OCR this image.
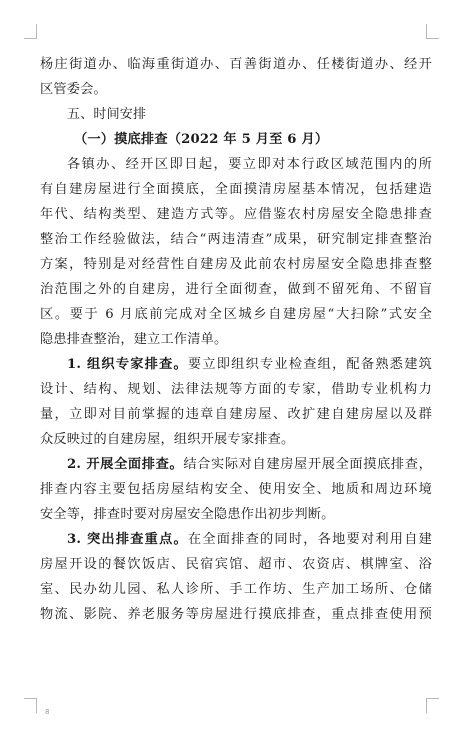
杨庄街道办、临海重街道办、百善街道办、任楼街道办、经开
区管委会。
五、时间安排
（一）摸底排查（2022 年 5 月至 6 月）
各镇办、经开区即日起，要立即对本行政区域范围内的所
有自建房屋进行全面摸底，全面摸清房屋基本情况，包括建造
年代、结构类型、建造方式等。应借鉴农村房屋安全隐患排查
整治工作经验做法，结合“两违清查”成果，研究制定排查整治
方案，特别是对经营性自建房及此前农村房屋安全隐患排查整
治范围之外的自建房，进行全面彻查，做到不留死角、不留盲
区。要于 6 月底前完成对全区城乡自建房屋“大扫除”式安全
隐患排查整治，建立工作清单。
1. 组织专家排查。要立即组织专业检查组，配备熟悉建筑
设计、结构、规划、法律法规等方面的专家，借助专业机构力
量，立即对目前掌握的违章自建房屋、改扩建自建房屋以及群
众反映过的自建房屋，组织开展专家排查。
2. 开展全面排查。结合实际对自建房屋开展全面摸底排查，
排查内容主要包括房屋结构安全、使用安全、地质和周边环境
安全等，排查时要对房屋安全隐患作出初步判断。
3. 突出排查重点。在全面排查的同时，各地要对利用自建
房屋开设的餐饮饭店、民宿宾馆、超市、农资店、棋牌室、浴
室、民办幼儿园、私人诊所、手工作坊、生产加工场所、仓储
物流、影院、养老服务等房屋进行摸底排查，重点排查使用预
8
